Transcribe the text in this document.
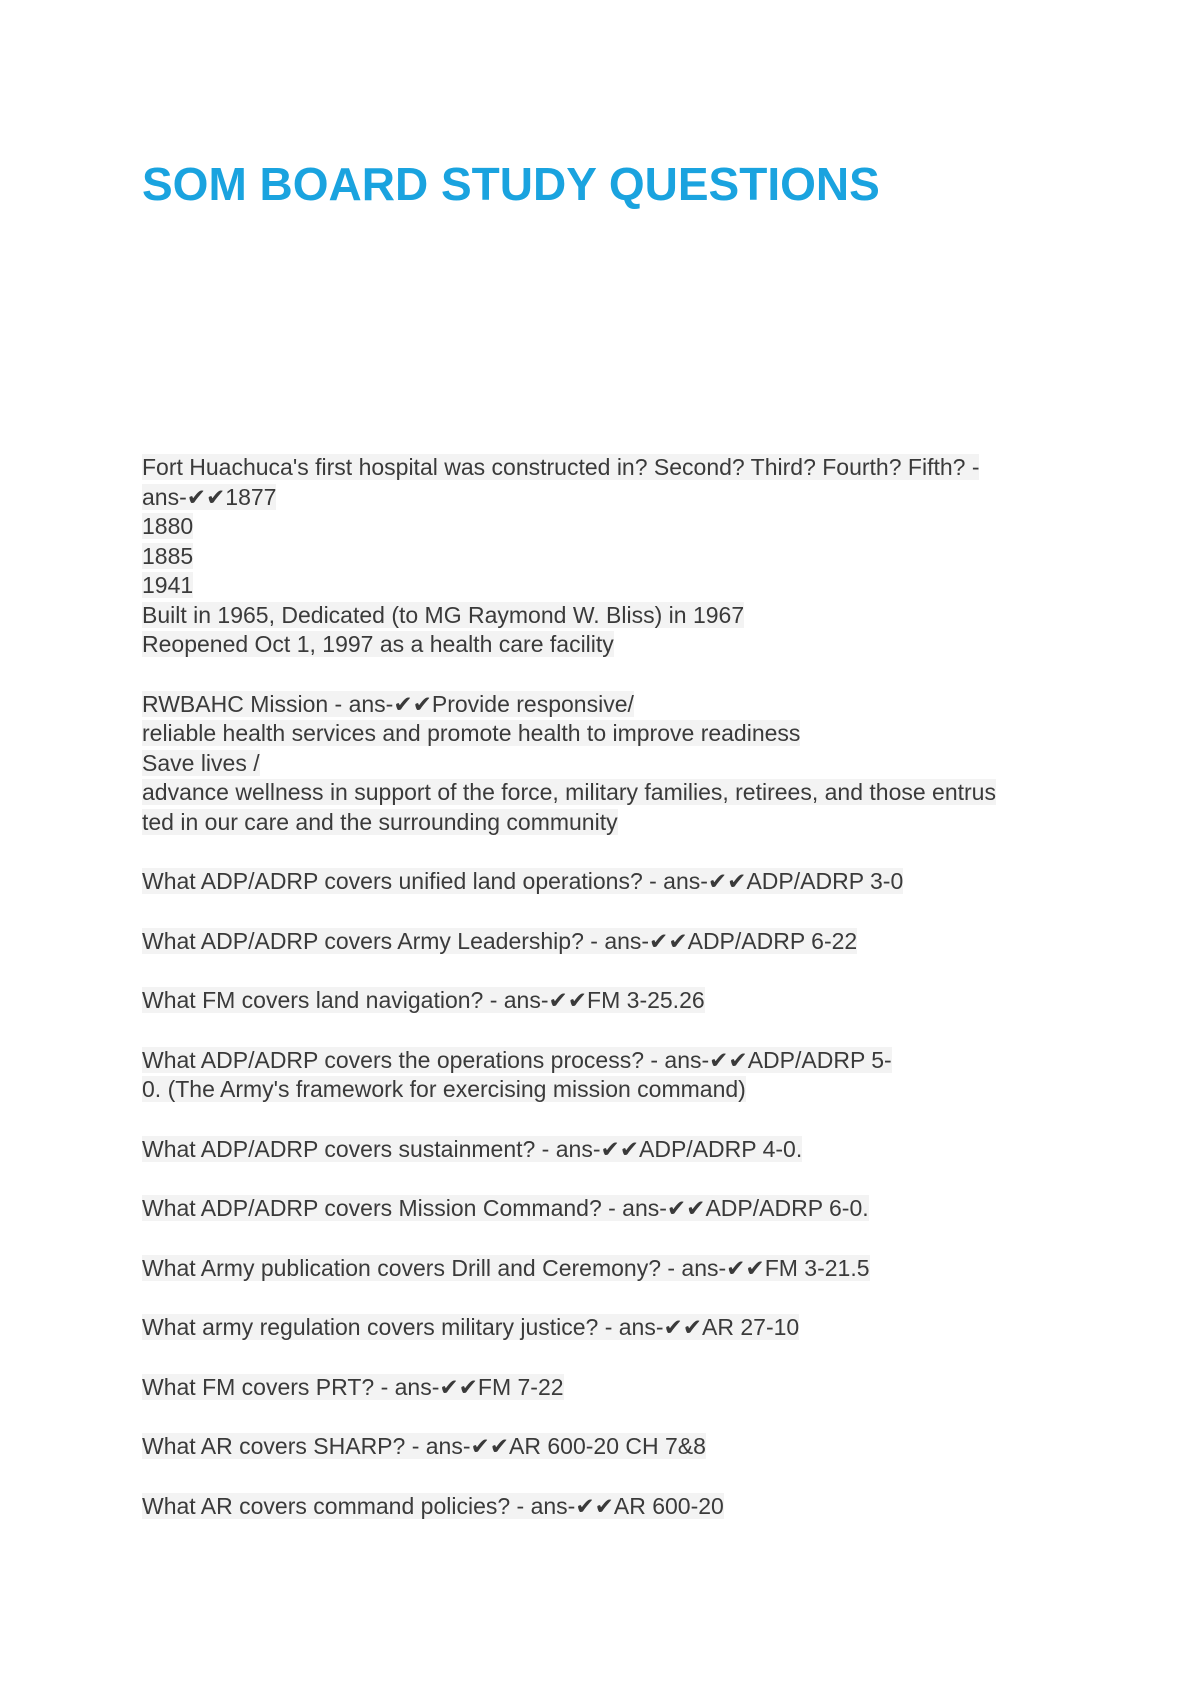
SOM BOARD STUDY QUESTIONS
Fort Huachuca's first hospital was constructed in? Second? Third? Fourth? Fifth? -
ans-✔✔1877
1880
1885
1941
Built in 1965, Dedicated (to MG Raymond W. Bliss) in 1967
Reopened Oct 1, 1997 as a health care facility
RWBAHC Mission - ans-✔✔Provide responsive/
reliable health services and promote health to improve readiness
Save lives /
advance wellness in support of the force, military families, retirees, and those entrus
ted in our care and the surrounding community
What ADP/ADRP covers unified land operations? - ans-✔✔ADP/ADRP 3-0
What ADP/ADRP covers Army Leadership? - ans-✔✔ADP/ADRP 6-22
What FM covers land navigation? - ans-✔✔FM 3-25.26
What ADP/ADRP covers the operations process? - ans-✔✔ADP/ADRP 5-
0. (The Army's framework for exercising mission command)
What ADP/ADRP covers sustainment? - ans-✔✔ADP/ADRP 4-0.
What ADP/ADRP covers Mission Command? - ans-✔✔ADP/ADRP 6-0.
What Army publication covers Drill and Ceremony? - ans-✔✔FM 3-21.5
What army regulation covers military justice? - ans-✔✔AR 27-10
What FM covers PRT? - ans-✔✔FM 7-22
What AR covers SHARP? - ans-✔✔AR 600-20 CH 7&8
What AR covers command policies? - ans-✔✔AR 600-20
